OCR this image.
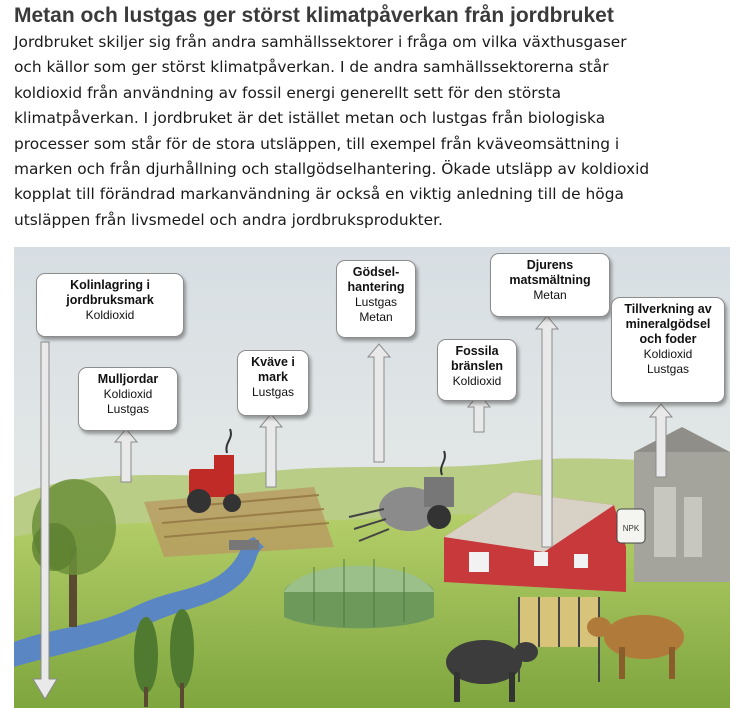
Metan och lustgas ger störst klimatpåverkan från jordbruket
Jordbruket skiljer sig från andra samhällssektorer i fråga om vilka växthusgaser
och källor som ger störst klimatpåverkan. I de andra samhällssektorerna står
koldioxid från användning av fossil energi generellt sett för den största
klimatpåverkan. I jordbruket är det istället metan och lustgas från biologiska
processer som står för de stora utsläppen, till exempel från kväveomsättning i
marken och från djurhållning och stallgödselhantering. Ökade utsläpp av koldioxid
kopplat till förändrad markanvändning är också en viktig anledning till de höga
utsläppen från livsmedel och andra jordbruksprodukter.
NPK
Kolinlagring i jordbruksmark
Koldioxid
Mulljordar
Koldioxid
Lustgas
Kväve i mark
Lustgas
Gödsel-hantering
Lustgas
Metan
Djurens matsmältning
Metan
Fossila bränslen
Koldioxid
Tillverkning av mineralgödsel och foder
Koldioxid
Lustgas
